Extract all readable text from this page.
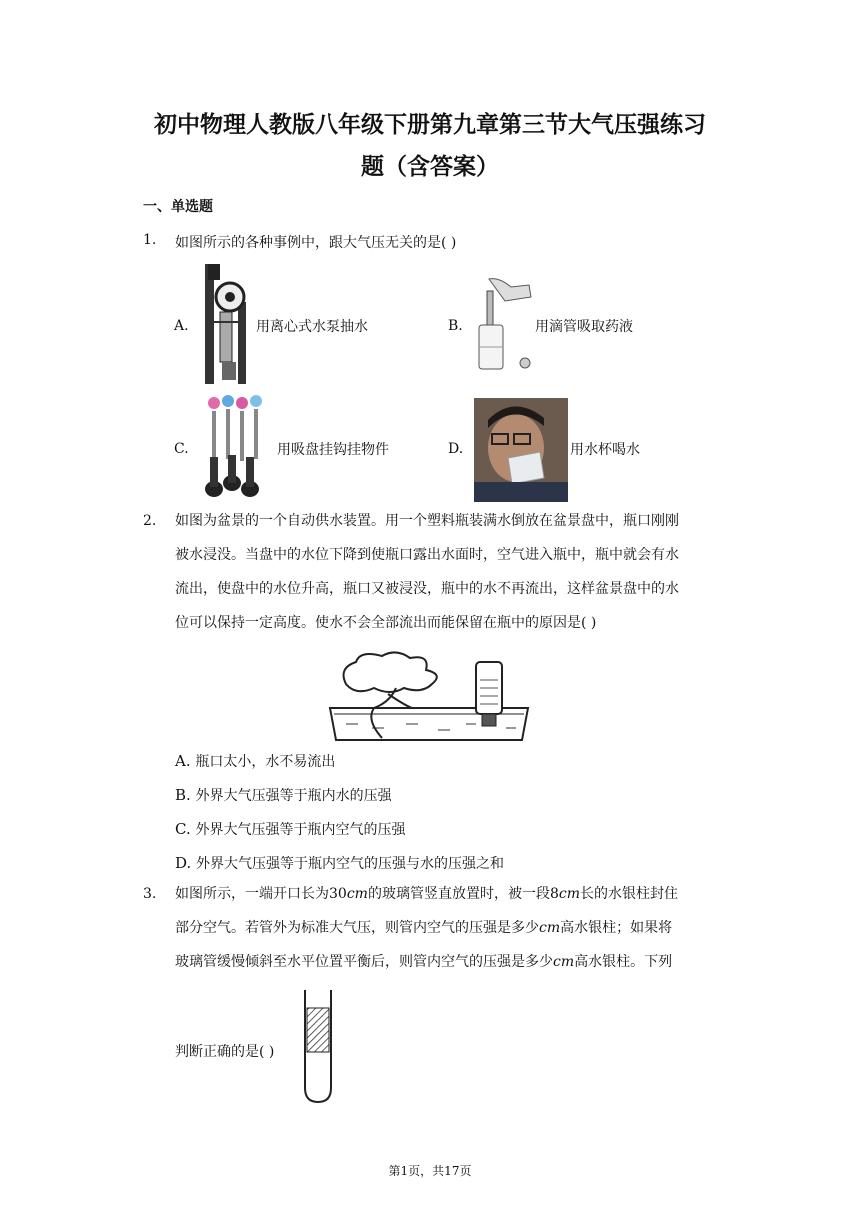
初中物理人教版八年级下册第九章第三节大气压强练习
题（含答案）
一、单选题
1. 如图所示的各种事例中，跟大气压无关的是( )
A.	用离心式水泵抽水	B.	用滴管吸取药液
C.	用吸盘挂钩挂物件	D.	用水杯喝水
2. 如图为盆景的一个自动供水装置。用一个塑料瓶装满水倒放在盆景盘中，瓶口刚刚
被水浸没。当盘中的水位下降到使瓶口露出水面时，空气进入瓶中，瓶中就会有水
流出，使盘中的水位升高，瓶口又被浸没，瓶中的水不再流出，这样盆景盘中的水
位可以保持一定高度。使水不会全部流出而能保留在瓶中的原因是( )
A. 瓶口太小，水不易流出
B. 外界大气压强等于瓶内水的压强
C. 外界大气压强等于瓶内空气的压强
D. 外界大气压强等于瓶内空气的压强与水的压强之和
3. 如图所示，一端开口长为30cm的玻璃管竖直放置时，被一段8cm长的水银柱封住
部分空气。若管外为标准大气压，则管内空气的压强是多少cm高水银柱；如果将
玻璃管缓慢倾斜至水平位置平衡后，则管内空气的压强是多少cm高水银柱。下列
判断正确的是( )
第1页，共17页
